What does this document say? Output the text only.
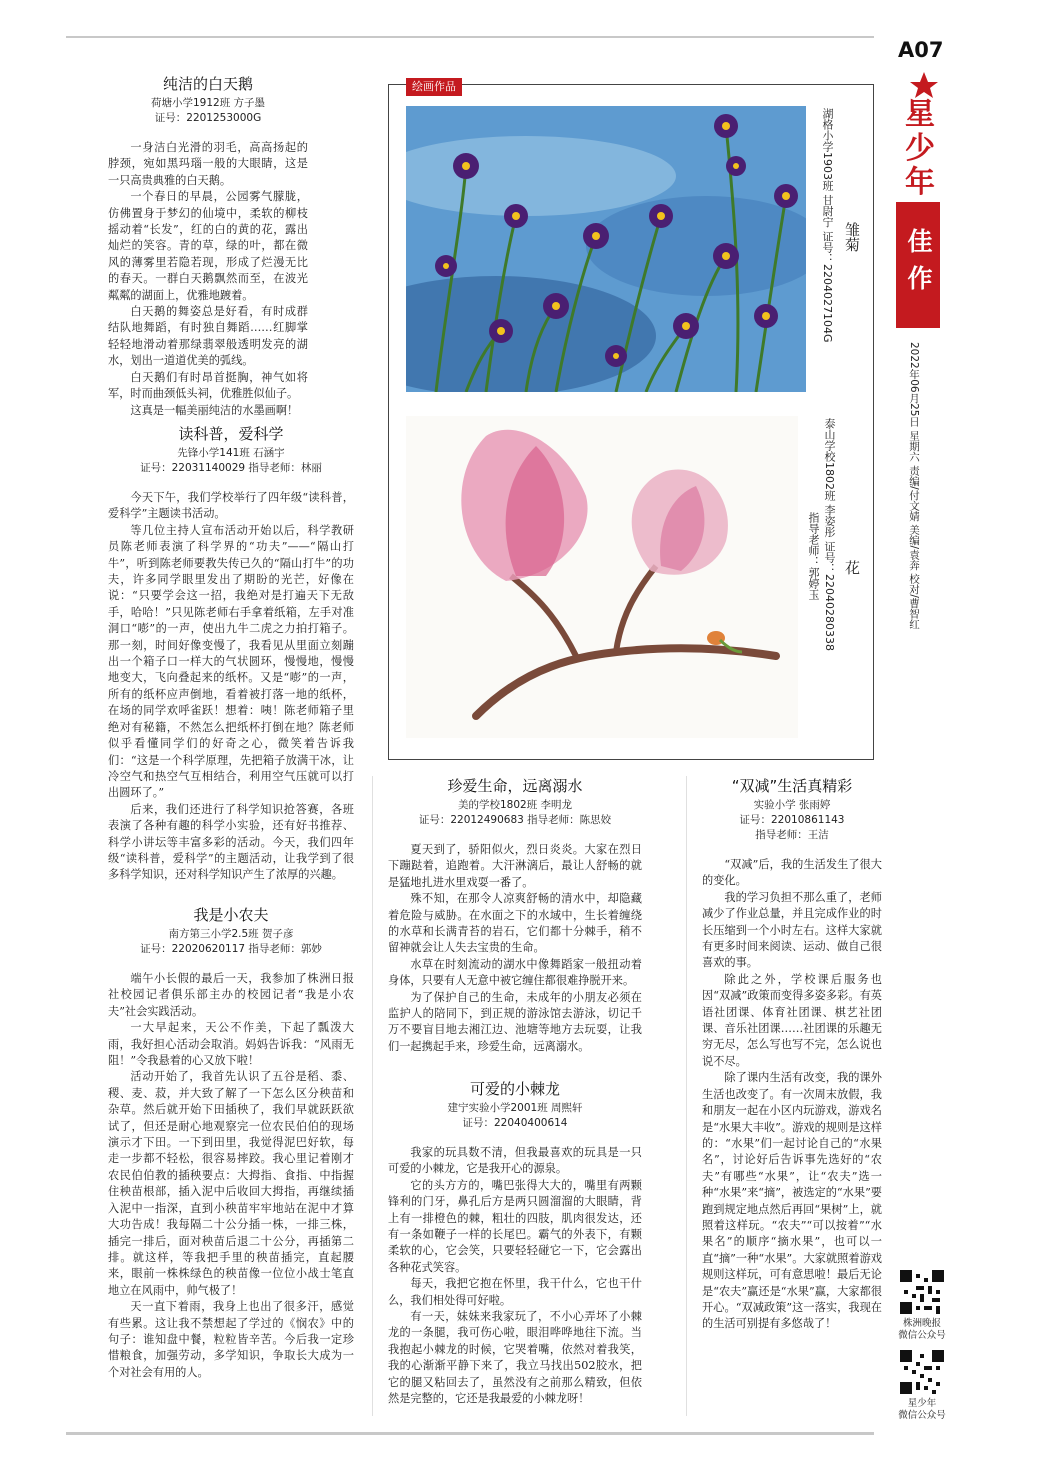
A07
星
少
年
佳作
2022年06月25日 星期六 责编/付文婧 美编/袁奔 校对/曹智红
绘画作品
雏菊
湖格小学1903班 甘尉宁 证号：2204027104G
花
泰山学校1802班 李姿彤 证号：22040280338
指导老师：郭婷玉
纯洁的白天鹅
荷塘小学1912班 方子墨
证号：2201253000G

一身洁白光滑的羽毛，高高扬起的脖颈，宛如黑玛瑙一般的大眼睛，这是一只高贵典雅的白天鹅。

一个春日的早晨，公园雾气朦胧，仿佛置身于梦幻的仙境中，柔软的柳枝摇动着“长发”，红的白的黄的花，露出灿烂的笑容。青的草，绿的叶，都在微风的薄雾里若隐若现，形成了烂漫无比的春天。一群白天鹅飘然而至，在波光粼粼的湖面上，优雅地踱着。

白天鹅的舞姿总是好看，有时成群结队地舞蹈，有时独自舞蹈……红脚掌轻轻地滑动着那绿翡翠般透明发亮的湖水，划出一道道优美的弧线。

白天鹅们有时昂首挺胸，神气如将军，时而曲颈低头祠，优雅胜似仙子。

这真是一幅美丽纯洁的水墨画啊！

读科普，爱科学
先锋小学141班 石涵宇
证号：22031140029 指导老师：林丽

今天下午，我们学校举行了四年级“读科普，爱科学”主题读书活动。

等几位主持人宣布活动开始以后，科学教研员陈老师表演了科学界的“功夫”——“隔山打牛”，听到陈老师要教失传已久的“隔山打牛”的功夫，许多同学眼里发出了期盼的光芒，好像在说：“只要学会这一招，我绝对是打遍天下无敌手，哈哈！”只见陈老师右手拿着纸箱，左手对准洞口“嘭”的一声，使出九牛二虎之力拍打箱子。那一刻，时间好像变慢了，我看见从里面立刻蹦出一个箱子口一样大的气状圆环，慢慢地，慢慢地变大，飞向叠起来的纸杯。又是“嘭”的一声，所有的纸杯应声倒地，看着被打落一地的纸杯，在场的同学欢呼雀跃！想着：咦！陈老师箱子里绝对有秘籍，不然怎么把纸杯打倒在地？陈老师似乎看懂同学们的好奇之心，微笑着告诉我们：“这是一个科学原理，先把箱子放满干冰，让冷空气和热空气互相结合，利用空气压就可以打出圆环了。”

后来，我们还进行了科学知识抢答赛，各班表演了各种有趣的科学小实验，还有好书推荐、科学小讲坛等丰富多彩的活动。今天，我们四年级“读科普，爱科学”的主题活动，让我学到了很多科学知识，还对科学知识产生了浓厚的兴趣。

我是小农夫
南方第三小学2.5班 贺子彦
证号：22020620117 指导老师：郭妙

端午小长假的最后一天，我参加了株洲日报社校园记者俱乐部主办的校园记者“我是小农夫”社会实践活动。

一大早起来，天公不作美，下起了瓢泼大雨，我好担心活动会取消。妈妈告诉我：“风雨无阻！”令我悬着的心又放下啦！

活动开始了，我首先认识了五谷是稻、黍、稷、麦、菽，并大致了解了一下怎么区分秧苗和杂草。然后就开始下田插秧了，我们早就跃跃欲试了，但还是耐心地观察完一位农民伯伯的现场演示才下田。一下到田里，我觉得泥巴好软，每走一步都不轻松，很容易摔跤。我心里记着刚才农民伯伯教的插秧要点：大拇指、食指、中指握住秧苗根部，插入泥中后收回大拇指，再继续插入泥中一指深，直到小秧苗牢牢地站在泥中才算大功告成！我每隔二十公分插一株，一排三株，插完一排后，面对秧苗后退二十公分，再插第二排。就这样，等我把手里的秧苗插完，直起腰来，眼前一株株绿色的秧苗像一位位小战士笔直地立在风雨中，帅气极了！

天一直下着雨，我身上也出了很多汗，感觉有些累。这让我不禁想起了学过的《悯农》中的句子：谁知盘中餐，粒粒皆辛苦。今后我一定珍惜粮食，加强劳动，多学知识，争取长大成为一个对社会有用的人。

珍爱生命，远离溺水
美的学校1802班 李明龙
证号：22012490683 指导老师：陈思姣

夏天到了，骄阳似火，烈日炎炎。大家在烈日下蹦跶着，追跑着。大汗淋漓后，最让人舒畅的就是猛地扎进水里戏耍一番了。

殊不知，在那令人凉爽舒畅的清水中，却隐藏着危险与威胁。在水面之下的水域中，生长着缠绕的水草和长满青苔的岩石，它们都十分棘手，稍不留神就会让人失去宝贵的生命。

水草在时刻流动的湖水中像舞蹈家一般扭动着身体，只要有人无意中被它缠住都很难挣脱开来。

为了保护自己的生命，未成年的小朋友必须在监护人的陪同下，到正规的游泳馆去游泳，切记千万不要盲目地去湘江边、池塘等地方去玩耍，让我们一起携起手来，珍爱生命，远离溺水。

可爱的小棘龙
建宁实验小学2001班 周熙轩
证号：22040400614

我家的玩具数不清，但我最喜欢的玩具是一只可爱的小棘龙，它是我开心的源泉。

它的头方方的，嘴巴张得大大的，嘴里有两颗锋利的门牙，鼻孔后方是两只圆溜溜的大眼睛，背上有一排橙色的棘，粗壮的四肢，肌肉很发达，还有一条如鞭子一样的长尾巴。霸气的外表下，有颗柔软的心，它会笑，只要轻轻碰它一下，它会露出各种花式笑容。

每天，我把它抱在怀里，我干什么，它也干什么，我们相处得可好啦。

有一天，妹妹来我家玩了，不小心弄坏了小棘龙的一条腿，我可伤心啦，眼泪哗哗地往下流。当我抱起小棘龙的时候，它哭着嘴，依然对着我笑，我的心渐渐平静下来了，我立马找出502胶水，把它的腿又粘回去了，虽然没有之前那么精致，但依然是完整的，它还是我最爱的小棘龙呀！

“双减”生活真精彩
实验小学 张雨婷
证号：22010861143
指导老师：王洁

“双减”后，我的生活发生了很大的变化。

我的学习负担不那么重了，老师减少了作业总量，并且完成作业的时长压缩到一个小时左右。这样大家就有更多时间来阅读、运动、做自己很喜欢的事。

除此之外，学校课后服务也因“双减”政策而变得多姿多彩。有英语社团课、体育社团课、棋艺社团课、音乐社团课……社团课的乐趣无穷无尽，怎么写也写不完，怎么说也说不尽。

除了课内生活有改变，我的课外生活也改变了。有一次周末放假，我和朋友一起在小区内玩游戏，游戏名是“水果大丰收”。游戏的规则是这样的：“水果”们一起讨论自己的“水果名”，讨论好后告诉事先选好的“农夫”有哪些“水果”，让“农夫”选一种“水果”来“摘”，被选定的“水果”要跑到规定地点然后再回“果树”上，就照着这样玩。“农夫”“可以按着”“水果名”的顺序“摘水果”，也可以一直“摘”一种“水果”。大家就照着游戏规则这样玩，可有意思啦！最后无论是“农夫”赢还是“水果”赢，大家都很开心。“双减政策”这一落实，我现在的生活可别提有多悠哉了！	株洲晚报
微信公众号
星少年
微信公众号
